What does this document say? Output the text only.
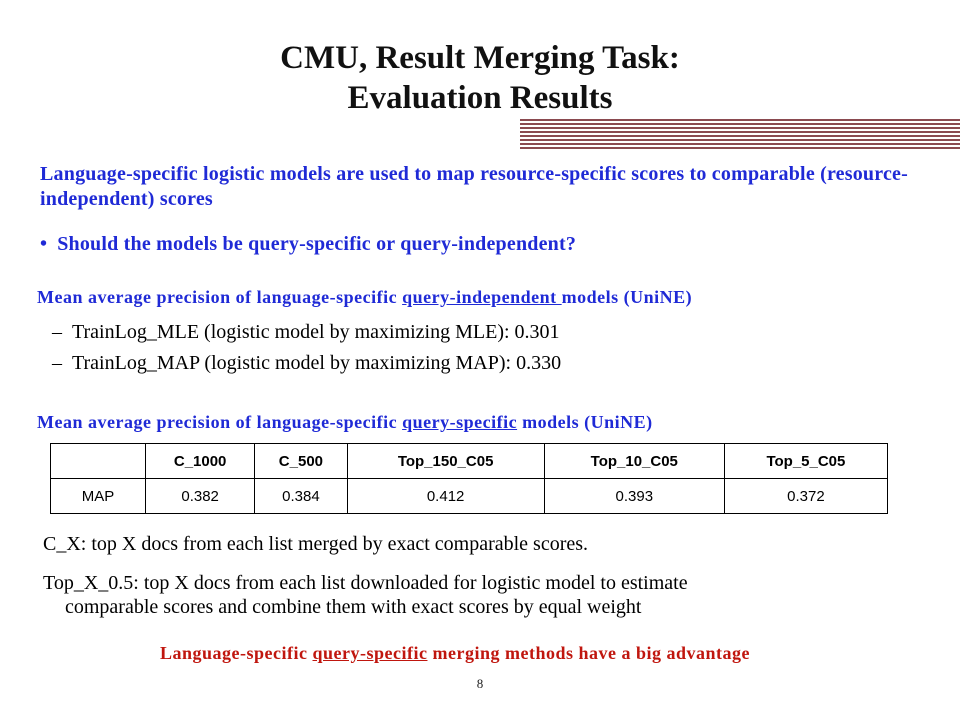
CMU, Result Merging Task:
Evaluation Results
Language-specific logistic models are used to map resource-specific scores to comparable (resource-independent) scores
• Should the models be query-specific or query-independent?
Mean average precision of language-specific query-independent models (UniNE)
– TrainLog_MLE (logistic model by maximizing MLE): 0.301
– TrainLog_MAP (logistic model by maximizing MAP): 0.330
Mean average precision of language-specific query-specific models (UniNE)
	C_1000	C_500	Top_150_C05	Top_10_C05	Top_5_C05
MAP	0.382	0.384	0.412	0.393	0.372
C_X: top X docs from each list merged by exact comparable scores.
Top_X_0.5: top X docs from each list downloaded for logistic model to estimate
comparable scores and combine them with exact scores by equal weight
Language-specific query-specific merging methods have a big advantage
8
